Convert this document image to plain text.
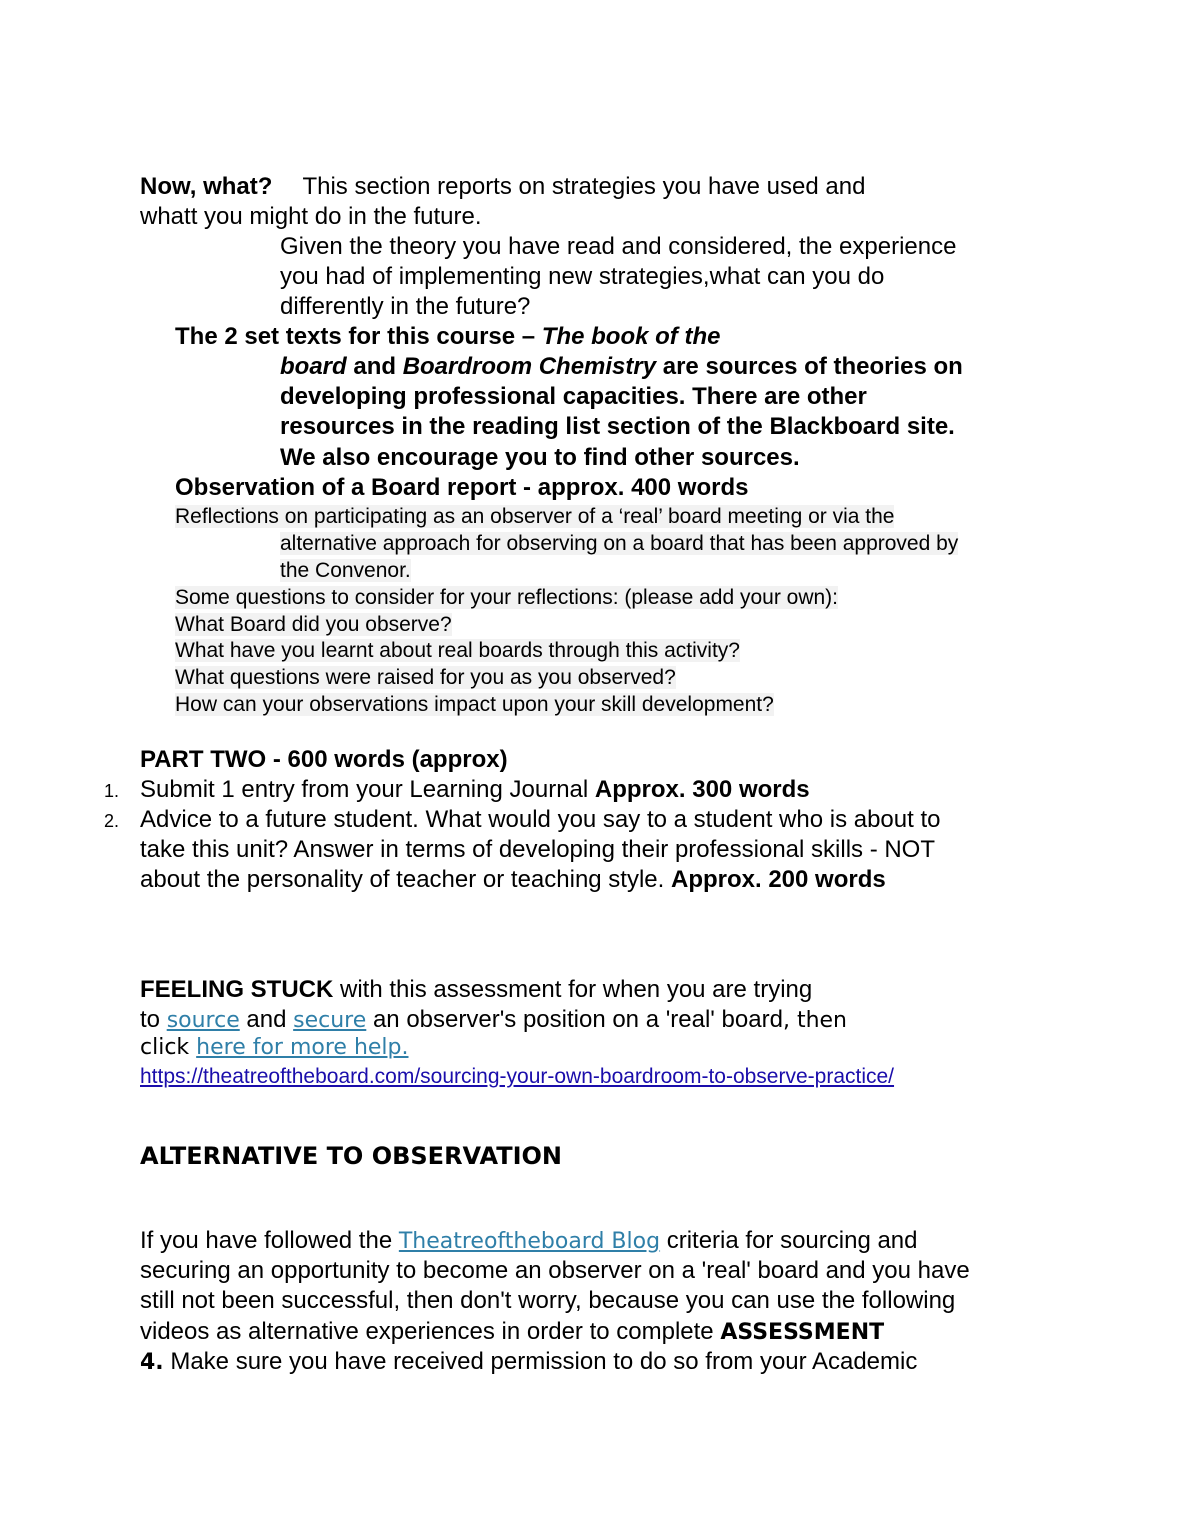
Now, what? This section reports on strategies you have used and
whatt you might do in the future.
Given the theory you have read and considered, the experience
you had of implementing new strategies,what can you do
differently in the future?
The 2 set texts for this course – The book of the
board and Boardroom Chemistry are sources of theories on
developing professional capacities. There are other
resources in the reading list section of the Blackboard site.
We also encourage you to find other sources.
Observation of a Board report - approx. 400 words
Reflections on participating as an observer of a ‘real’ board meeting or via the
alternative approach for observing on a board that has been approved by
the Convenor.
Some questions to consider for your reflections: (please add your own):
What Board did you observe?
What have you learnt about real boards through this activity?
What questions were raised for you as you observed?
How can your observations impact upon your skill development?
PART TWO - 600 words (approx)
1. Submit 1 entry from your Learning Journal Approx. 300 words
2. Advice to a future student. What would you say to a student who is about to
take this unit? Answer in terms of developing their professional skills - NOT
about the personality of teacher or teaching style. Approx. 200 words
FEELING STUCK with this assessment for when you are trying
to source and secure an observer's position on a 'real' board, then
click here for more help.
https://theatreoftheboard.com/sourcing-your-own-boardroom-to-observe-practice/
ALTERNATIVE TO OBSERVATION
If you have followed the Theatreoftheboard Blog criteria for sourcing and
securing an opportunity to become an observer on a 'real' board and you have
still not been successful, then don't worry, because you can use the following
videos as alternative experiences in order to complete ASSESSMENT
4. Make sure you have received permission to do so from your Academic
